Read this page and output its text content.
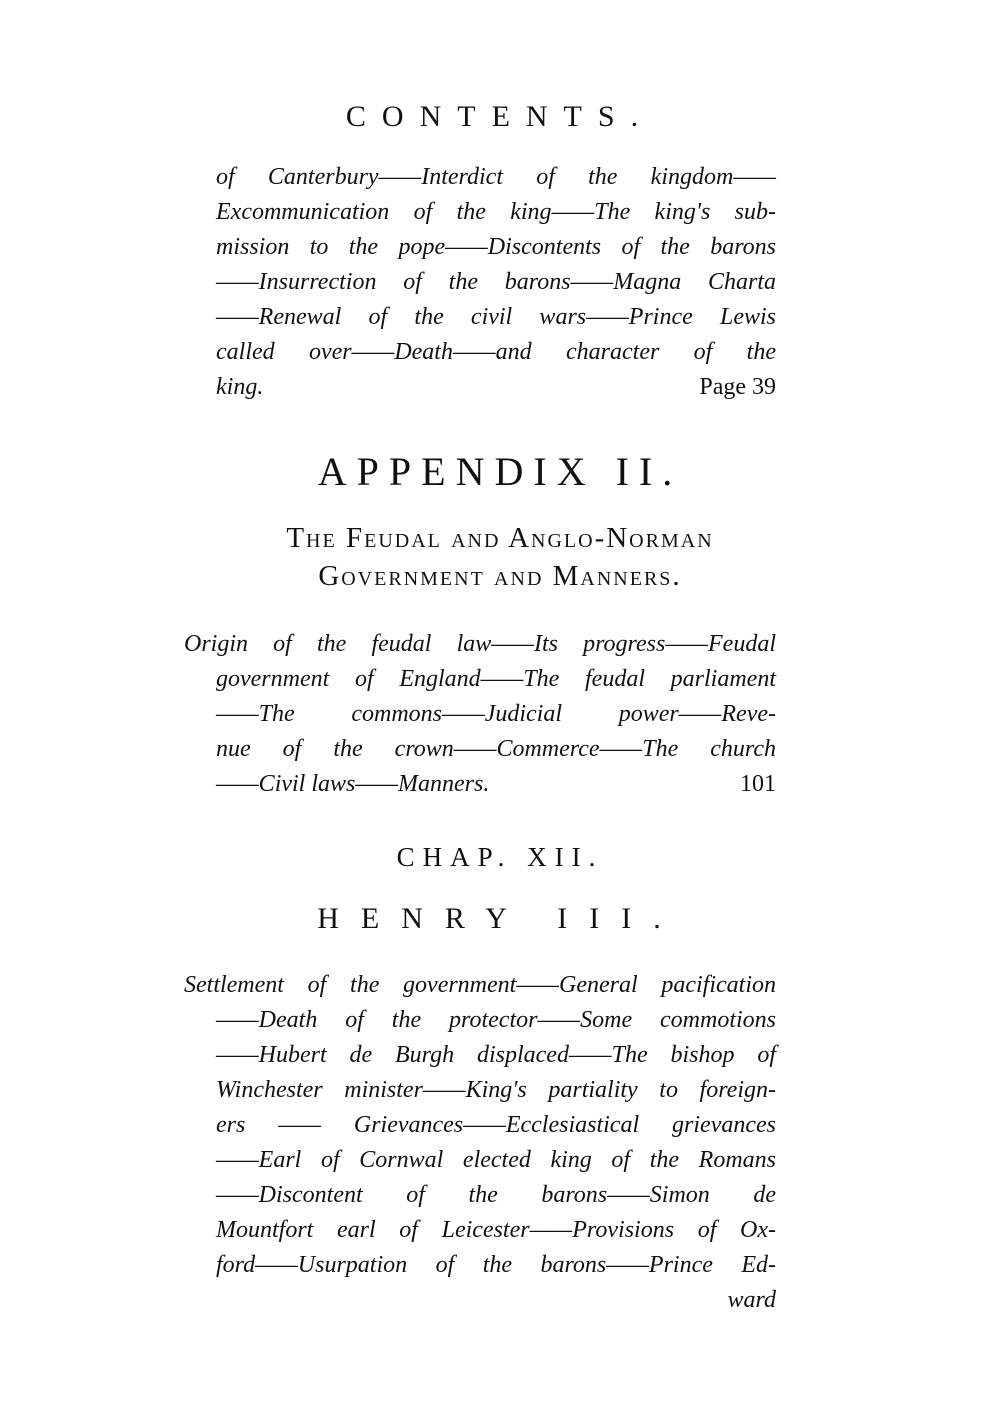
CONTENTS.
of Canterbury——Interdict of the kingdom——
Excommunication of the king——The king's sub-
mission to the pope——Discontents of the barons
——Insurrection of the barons——Magna Charta
——Renewal of the civil wars——Prince Lewis
called over——Death——and character of the
king.	Page 39
APPENDIX II.
The Feudal and Anglo-Norman
Government and Manners.
Origin of the feudal law——Its progress——Feudal
government of England——The feudal parliament
——The commons——Judicial power——Reve-
nue of the crown——Commerce——The church
——Civil laws——Manners.	101
CHAP. XII.
HENRY III.
Settlement of the government——General pacification
——Death of the protector——Some commotions
——Hubert de Burgh displaced——The bishop of
Winchester minister——King's partiality to foreign-
ers —— Grievances——Ecclesiastical grievances
——Earl of Cornwal elected king of the Romans
——Discontent of the barons——Simon de
Mountfort earl of Leicester——Provisions of Ox-
ford——Usurpation of the barons——Prince Ed-
ward
